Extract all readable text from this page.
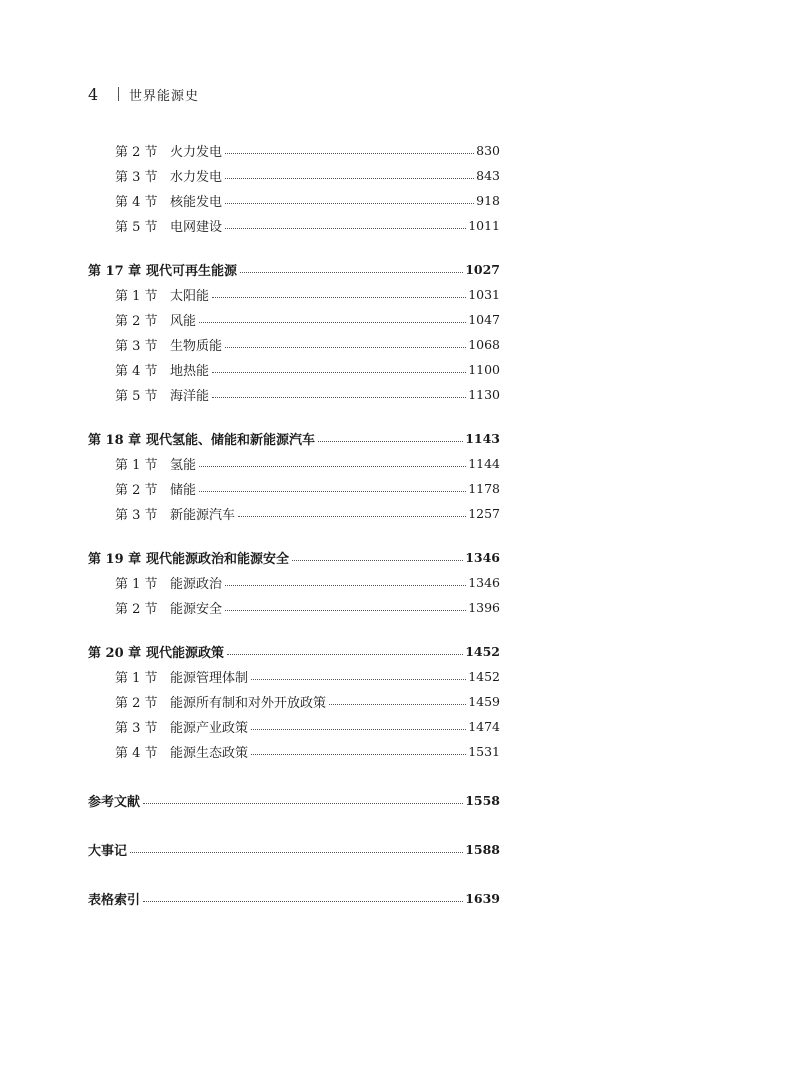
4	世界能源史
第 2 节 火力发电	830
第 3 节 水力发电	843
第 4 节 核能发电	918
第 5 节 电网建设	1011
第 17 章 现代可再生能源	1027
第 1 节 太阳能	1031
第 2 节 风能	1047
第 3 节 生物质能	1068
第 4 节 地热能	1100
第 5 节 海洋能	1130
第 18 章 现代氢能、储能和新能源汽车	1143
第 1 节 氢能	1144
第 2 节 储能	1178
第 3 节 新能源汽车	1257
第 19 章 现代能源政治和能源安全	1346
第 1 节 能源政治	1346
第 2 节 能源安全	1396
第 20 章 现代能源政策	1452
第 1 节 能源管理体制	1452
第 2 节 能源所有制和对外开放政策	1459
第 3 节 能源产业政策	1474
第 4 节 能源生态政策	1531
参考文献	1558
大事记	1588
表格索引	1639
